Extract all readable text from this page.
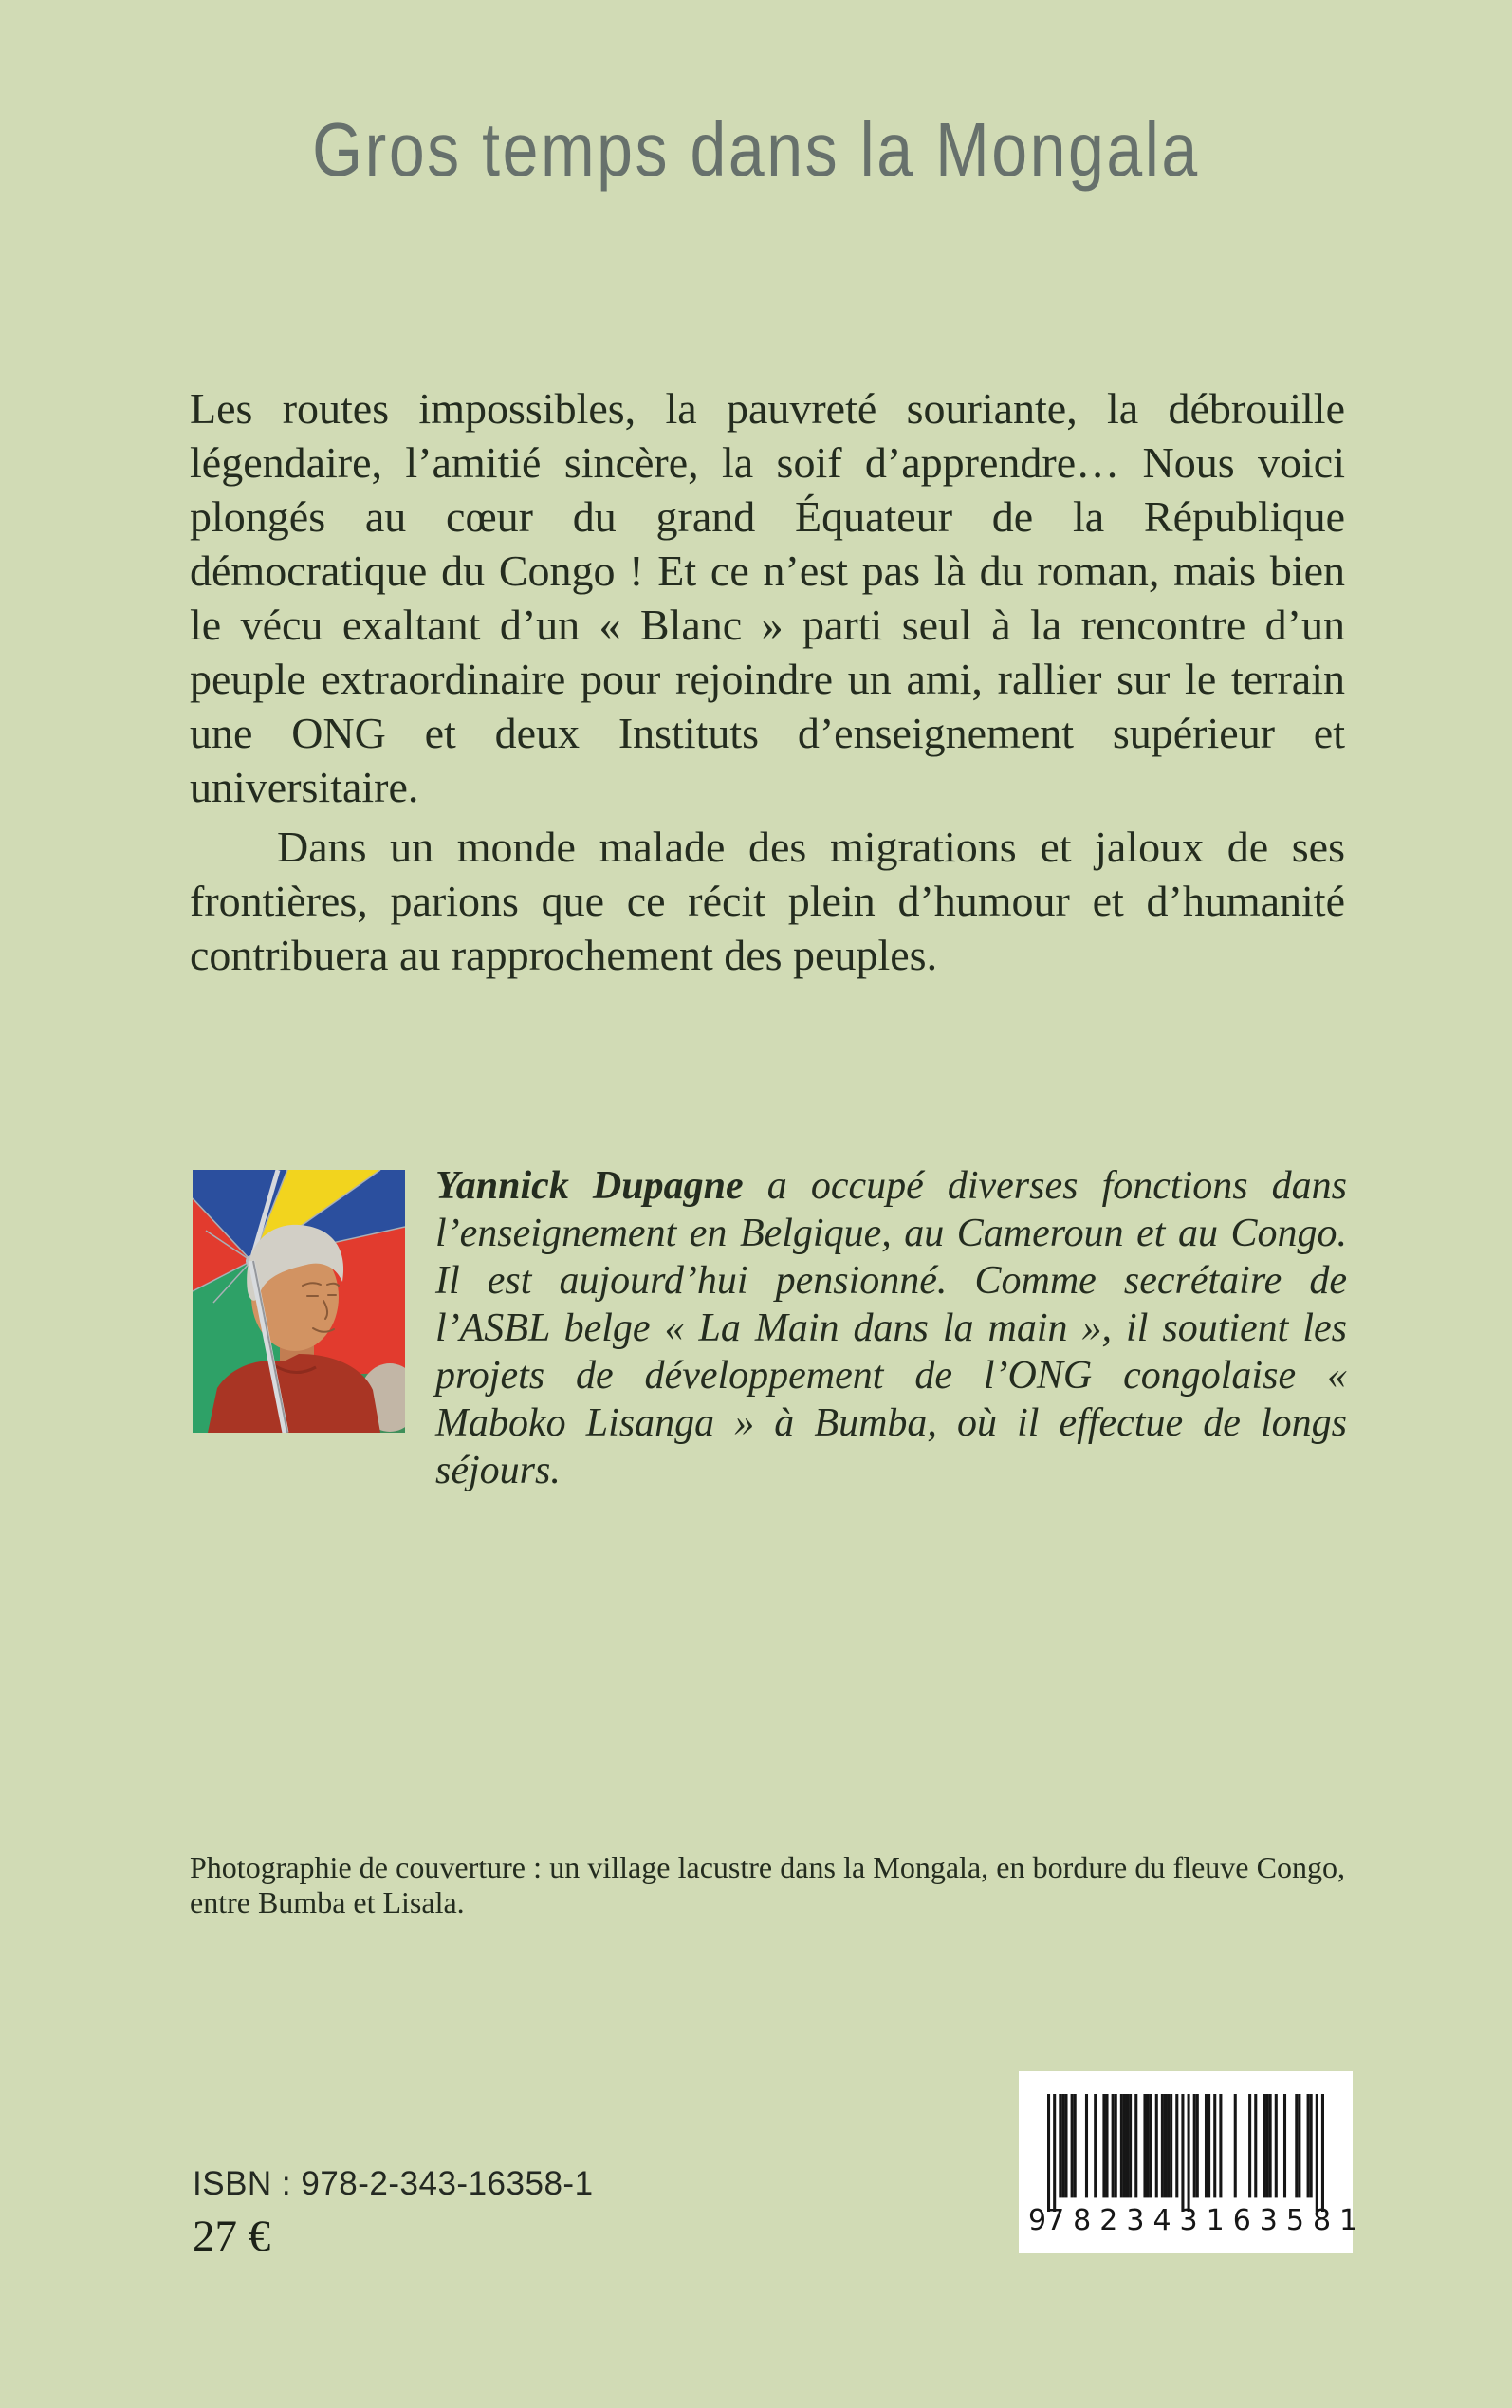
Gros temps dans la Mongala

Les routes impossibles, la pauvreté souriante, la débrouille légendaire, l’amitié sincère, la soif d’apprendre… Nous voici plongés au cœur du grand Équateur de la République démocratique du Congo ! Et ce n’est pas là du roman, mais bien le vécu exaltant d’un « Blanc » parti seul à la rencontre d’un peuple extraordinaire pour rejoindre un ami, rallier sur le terrain une ONG et deux Instituts d’enseignement supérieur et universitaire.

Dans un monde malade des migrations et jaloux de ses frontières, parions que ce récit plein d’humour et d’humanité contribuera au rapprochement des peuples.

Yannick Dupagne a occupé diverses fonctions dans l’enseignement en Belgique, au Cameroun et au Congo. Il est aujourd’hui pensionné. Comme secrétaire de l’ASBL belge « La Main dans la main », il soutient les projets de développement de l’ONG congolaise « Maboko Lisanga » à Bumba, où il effectue de longs séjours.

Photographie de couverture : un village lacustre dans la Mongala, en bordure du fleuve Congo, entre Bumba et Lisala.

ISBN : 978-2-343-16358-1
27 €	9 782343 163581
